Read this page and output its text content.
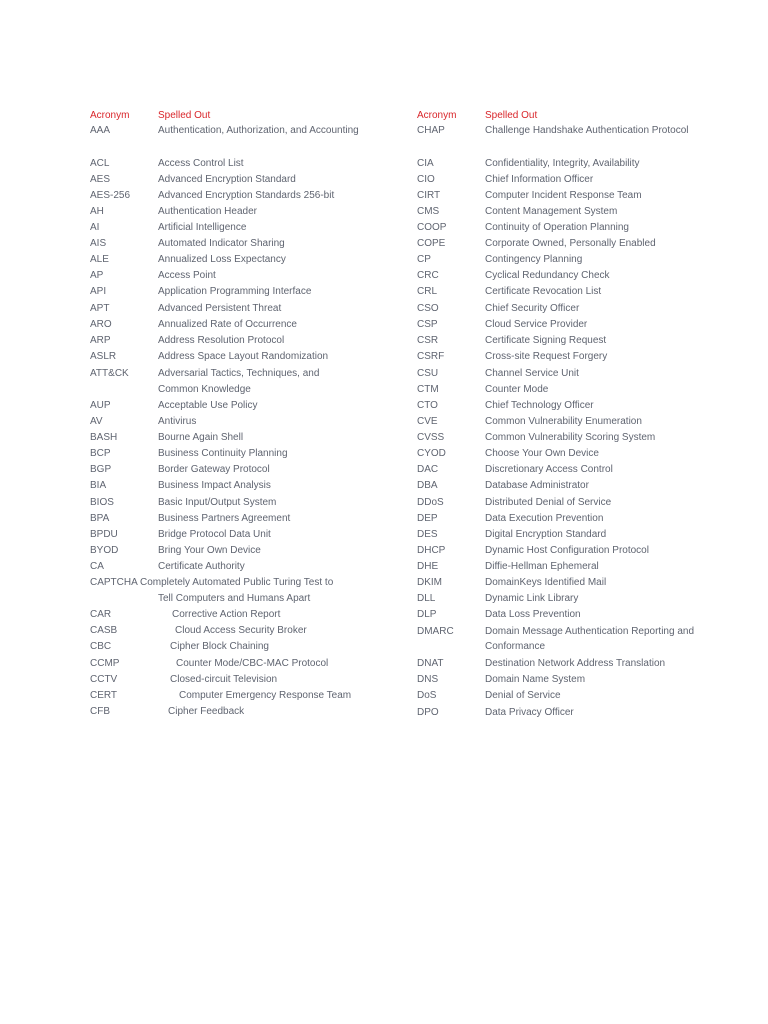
Acronym	Spelled Out
AAA	Authentication, Authorization, and Accounting
ACL	Access Control List
AES	Advanced Encryption Standard
AES-256	Advanced Encryption Standards 256-bit
AH	Authentication Header
AI	Artificial Intelligence
AIS	Automated Indicator Sharing
ALE	Annualized Loss Expectancy
AP	Access Point
API	Application Programming Interface
APT	Advanced Persistent Threat
ARO	Annualized Rate of Occurrence
ARP	Address Resolution Protocol
ASLR	Address Space Layout Randomization
ATT&CK	Adversarial Tactics, Techniques, and
Common Knowledge
AUP	Acceptable Use Policy
AV	Antivirus
BASH	Bourne Again Shell
BCP	Business Continuity Planning
BGP	Border Gateway Protocol
BIA	Business Impact Analysis
BIOS	Basic Input/Output System
BPA	Business Partners Agreement
BPDU	Bridge Protocol Data Unit
BYOD	Bring Your Own Device
CA	Certificate Authority
CAPTCHA Completely Automated Public Turing Test to
Tell Computers and Humans Apart
CAR	Corrective Action Report
CASB	Cloud Access Security Broker
CBC	Cipher Block Chaining
CCMP	Counter Mode/CBC-MAC Protocol
CCTV	Closed-circuit Television
CERT	Computer Emergency Response Team
CFB	Cipher Feedback
Acronym	Spelled Out
CHAP	Challenge Handshake Authentication Protocol
CIA	Confidentiality, Integrity, Availability
CIO	Chief Information Officer
CIRT	Computer Incident Response Team
CMS	Content Management System
COOP	Continuity of Operation Planning
COPE	Corporate Owned, Personally Enabled
CP	Contingency Planning
CRC	Cyclical Redundancy Check
CRL	Certificate Revocation List
CSO	Chief Security Officer
CSP	Cloud Service Provider
CSR	Certificate Signing Request
CSRF	Cross-site Request Forgery
CSU	Channel Service Unit
CTM	Counter Mode
CTO	Chief Technology Officer
CVE	Common Vulnerability Enumeration
CVSS	Common Vulnerability Scoring System
CYOD	Choose Your Own Device
DAC	Discretionary Access Control
DBA	Database Administrator
DDoS	Distributed Denial of Service
DEP	Data Execution Prevention
DES	Digital Encryption Standard
DHCP	Dynamic Host Configuration Protocol
DHE	Diffie-Hellman Ephemeral
DKIM	DomainKeys Identified Mail
DLL	Dynamic Link Library
DLP	Data Loss Prevention
DMARC	Domain Message Authentication Reporting and
Conformance
DNAT	Destination Network Address Translation
DNS	Domain Name System
DoS	Denial of Service
DPO	Data Privacy Officer
